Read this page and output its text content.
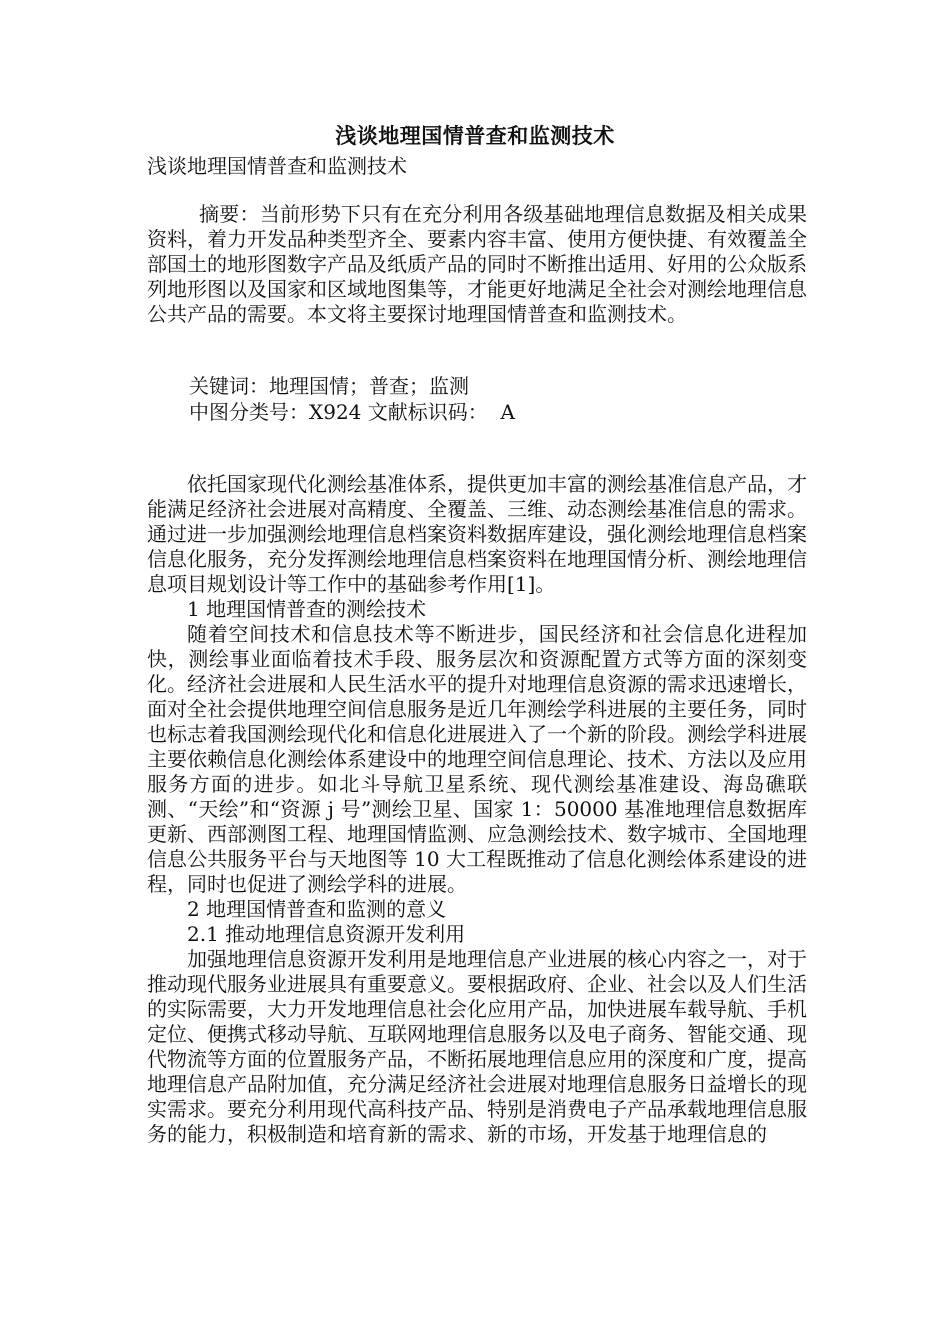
浅谈地理国情普查和监测技术
浅谈地理国情普查和监测技术
摘要：当前形势下只有在充分利用各级基础地理信息数据及相关成果资料，着力开发品种类型齐全、要素内容丰富、使用方便快捷、有效覆盖全部国土的地形图数字产品及纸质产品的同时不断推出适用、好用的公众版系列地形图以及国家和区域地图集等，才能更好地满足全社会对测绘地理信息公共产品的需要。本文将主要探讨地理国情普查和监测技术。
关键词：地理国情；普查；监测
中图分类号：X924 文献标识码：  A

依托国家现代化测绘基准体系，提供更加丰富的测绘基准信息产品，才能满足经济社会进展对高精度、全覆盖、三维、动态测绘基准信息的需求。通过进一步加强测绘地理信息档案资料数据库建设，强化测绘地理信息档案信息化服务，充分发挥测绘地理信息档案资料在地理国情分析、测绘地理信息项目规划设计等工作中的基础参考作用[1]。

1 地理国情普查的测绘技术

随着空间技术和信息技术等不断进步，国民经济和社会信息化进程加快，测绘事业面临着技术手段、服务层次和资源配置方式等方面的深刻变化。经济社会进展和人民生活水平的提升对地理信息资源的需求迅速增长，面对全社会提供地理空间信息服务是近几年测绘学科进展的主要任务，同时也标志着我国测绘现代化和信息化进展进入了一个新的阶段。测绘学科进展主要依赖信息化测绘体系建设中的地理空间信息理论、技术、方法以及应用服务方面的进步。如北斗导航卫星系统、现代测绘基准建设、海岛礁联测、“天绘”和“资源 j 号”测绘卫星、国家 1：50000 基准地理信息数据库更新、西部测图工程、地理国情监测、应急测绘技术、数字城市、全国地理信息公共服务平台与天地图等 10 大工程既推动了信息化测绘体系建设的进程，同时也促进了测绘学科的进展。

2 地理国情普查和监测的意义

2.1 推动地理信息资源开发利用

加强地理信息资源开发利用是地理信息产业进展的核心内容之一，对于推动现代服务业进展具有重要意义。要根据政府、企业、社会以及人们生活的实际需要，大力开发地理信息社会化应用产品，加快进展车载导航、手机定位、便携式移动导航、互联网地理信息服务以及电子商务、智能交通、现代物流等方面的位置服务产品，不断拓展地理信息应用的深度和广度，提高地理信息产品附加值，充分满足经济社会进展对地理信息服务日益增长的现实需求。要充分利用现代高科技产品、特别是消费电子产品承载地理信息服务的能力，积极制造和培育新的需求、新的市场，开发基于地理信息的
